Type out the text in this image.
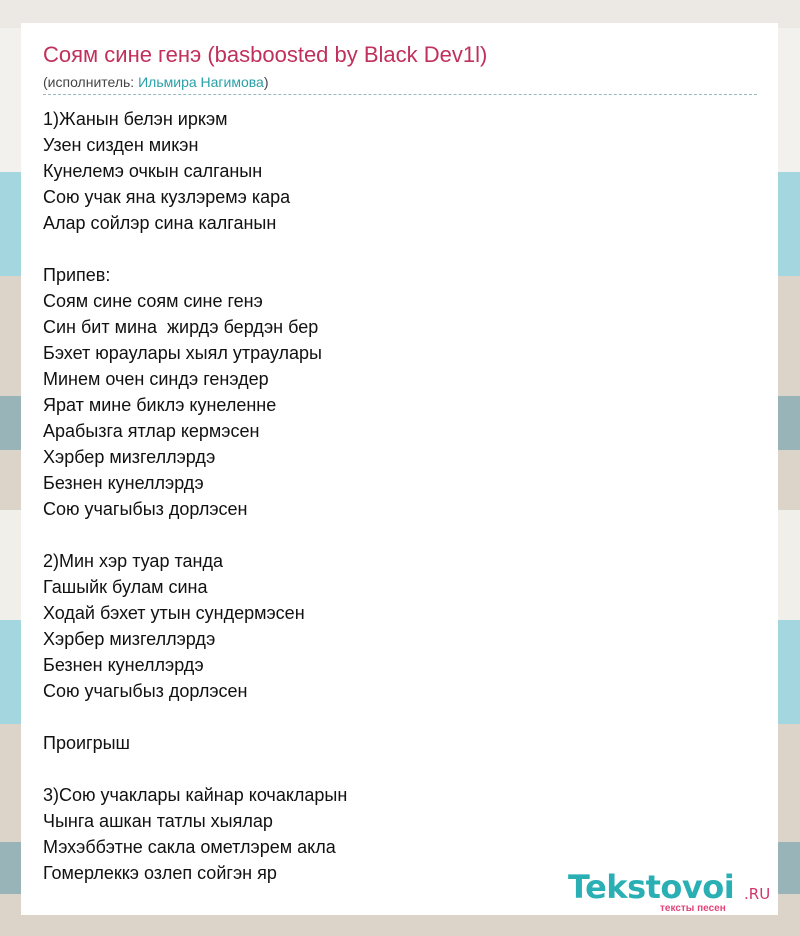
Соям сине генэ (basboosted by Black Dev1l)
(исполнитель: Ильмира Нагимова)
1)Жанын белэн иркэм
Узен сизден микэн
Кунелемэ очкын салганын
Сою учак яна кузлэремэ кара
Алар сойлэр сина калганын
Припев:
Соям сине соям сине генэ
Син бит мина  жирдэ бердэн бер
Бэхет юраулары хыял утраулары
Минем очен синдэ генэдер
Ярат мине биклэ кунеленне
Арабызга ятлар кермэсен
Хэрбер мизгеллэрдэ
Безнен кунеллэрдэ
Сою учагыбыз дорлэсен
2)Мин хэр туар танда
Гашыйк булам сина
Ходай бэхет утын сундермэсен
Хэрбер мизгеллэрдэ
Безнен кунеллэрдэ
Сою учагыбыз дорлэсен
Проигрыш
3)Сою учаклары кайнар кочакларын
Чынга ашкан татлы хыялар
Мэхэббэтне сакла ометлэрем акла
Гомерлеккэ озлеп сойгэн яр	Tekstovoi .RU
тексты песен
